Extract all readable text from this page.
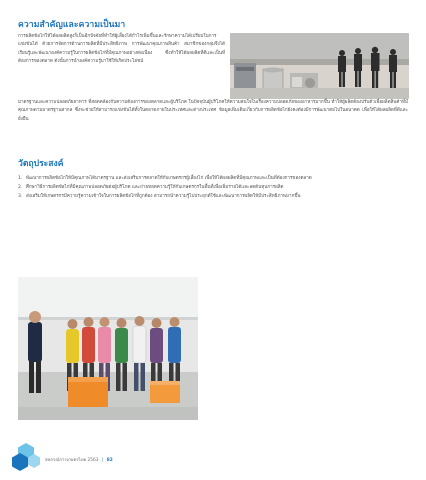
ความสำคัญและความเป็นมา
การผลิตข้อไก่ให้ได้ผลผลิตสูงก็เป็นอีกปัจจัยที่ทำให้ผู้เลี้ยงได้กำไรเพิ่มขึ้นและรักษาความได้เปรียบในการแข่งขันได้ ด้วยการจัดการด้านการผลิตที่มีประสิทธิภาพ การพัฒนาคุณภาพสินค้า สมาชิกของกลุ่มจึงได้เรียนรู้และพัฒนาองค์ความรู้ในการผลิตข้อไก่ที่มีคุณภาพอย่างต่อเนื่อง ซึ่งทำให้ได้ผลผลิตที่ดีและเป็นที่ต้องการของตลาด ดังนั้นการนำองค์ความรู้มาใช้ให้เกิดประโยชน์
มาตรฐานและความปลอดภัยอาหาร ที่สอดคล้องกับความต้องการของตลาดและผู้บริโภค ในปัจจุบันผู้บริโภคให้ความสนใจในเรื่องความปลอดภัยของอาหารมากขึ้น ทำให้ผู้ผลิตต้องปรับตัวเพื่อผลิตสินค้าที่มีคุณภาพตามมาตรฐานสากล ซึ่งจะช่วยให้สามารถแข่งขันได้ทั้งในตลาดภายในประเทศและต่างประเทศ ข้อมูลเพิ่มเติมเกี่ยวกับการผลิตข้อไก่ยังคงต้องมีการพัฒนาต่อไปในอนาคต เพื่อให้ได้ผลผลิตที่ดีและยั่งยืน
วัตถุประสงค์
1. พัฒนาการผลิตข้อไก่ให้มีคุณภาพได้มาตรฐาน และส่งเสริมการตลาดให้กับเกษตรกรผู้เลี้ยงไก่ เพื่อให้ได้ผลผลิตที่มีคุณภาพและเป็นที่ต้องการของตลาด
2. ศึกษาวิธีการผลิตข้อไก่ที่มีคุณภาพปลอดภัยต่อผู้บริโภค และถ่ายทอดความรู้ให้กับเกษตรกรในพื้นที่เพื่อเพิ่มรายได้และลดต้นทุนการผลิต
3. ส่งเสริมให้เกษตรกรมีความรู้ความเข้าใจในการผลิตข้อไก่ที่ถูกต้อง สามารถนำความรู้ไปประยุกต์ใช้และพัฒนาการผลิตให้มีประสิทธิภาพมากขึ้น
สหกรณ์การเกษตรไทย 2563 | 82
